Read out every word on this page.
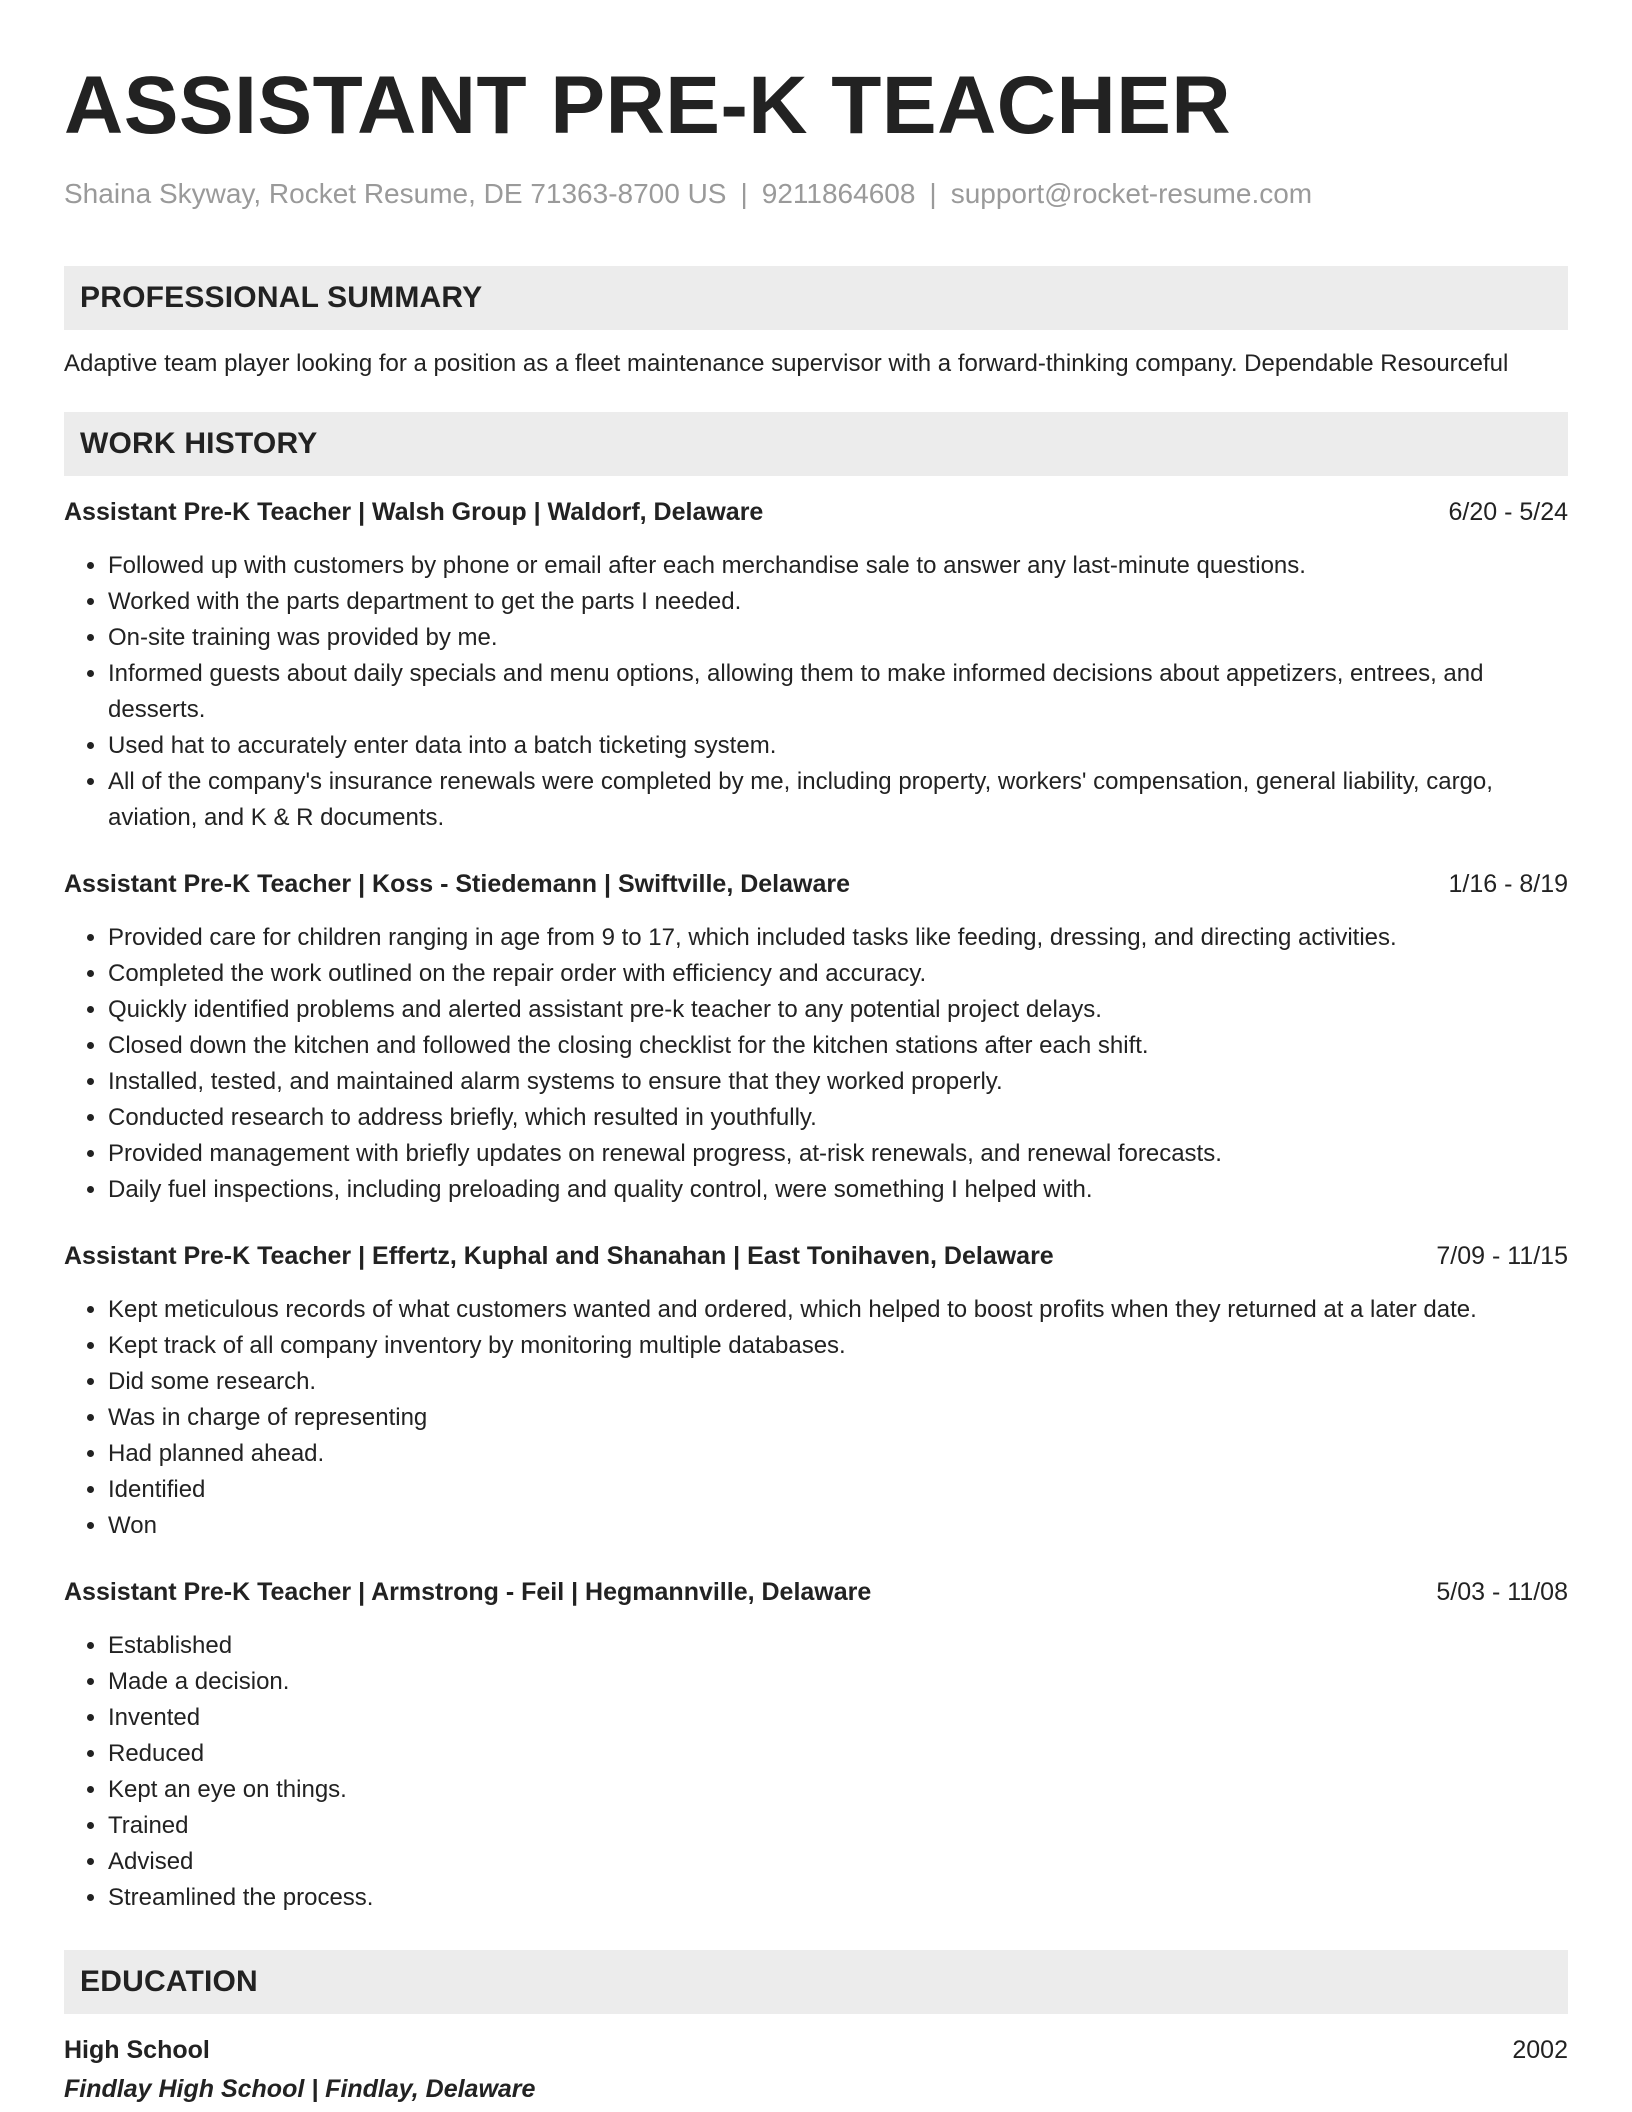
ASSISTANT PRE-K TEACHER
Shaina Skyway, Rocket Resume, DE 71363-8700 US | 9211864608 | support@rocket-resume.com
PROFESSIONAL SUMMARY
Adaptive team player looking for a position as a fleet maintenance supervisor with a forward-thinking company. Dependable Resourceful
WORK HISTORY
Assistant Pre-K Teacher | Walsh Group | Waldorf, Delaware	6/20 - 5/24
• Followed up with customers by phone or email after each merchandise sale to answer any last-minute questions.
• Worked with the parts department to get the parts I needed.
• On-site training was provided by me.
• Informed guests about daily specials and menu options, allowing them to make informed decisions about appetizers, entrees, and desserts.
• Used hat to accurately enter data into a batch ticketing system.
• All of the company's insurance renewals were completed by me, including property, workers' compensation, general liability, cargo, aviation, and K & R documents.
Assistant Pre-K Teacher | Koss - Stiedemann | Swiftville, Delaware	1/16 - 8/19
• Provided care for children ranging in age from 9 to 17, which included tasks like feeding, dressing, and directing activities.
• Completed the work outlined on the repair order with efficiency and accuracy.
• Quickly identified problems and alerted assistant pre-k teacher to any potential project delays.
• Closed down the kitchen and followed the closing checklist for the kitchen stations after each shift.
• Installed, tested, and maintained alarm systems to ensure that they worked properly.
• Conducted research to address briefly, which resulted in youthfully.
• Provided management with briefly updates on renewal progress, at-risk renewals, and renewal forecasts.
• Daily fuel inspections, including preloading and quality control, were something I helped with.
Assistant Pre-K Teacher | Effertz, Kuphal and Shanahan | East Tonihaven, Delaware	7/09 - 11/15
• Kept meticulous records of what customers wanted and ordered, which helped to boost profits when they returned at a later date.
• Kept track of all company inventory by monitoring multiple databases.
• Did some research.
• Was in charge of representing
• Had planned ahead.
• Identified
• Won
Assistant Pre-K Teacher | Armstrong - Feil | Hegmannville, Delaware	5/03 - 11/08
• Established
• Made a decision.
• Invented
• Reduced
• Kept an eye on things.
• Trained
• Advised
• Streamlined the process.
EDUCATION
High School	2002
Findlay High School | Findlay, Delaware
